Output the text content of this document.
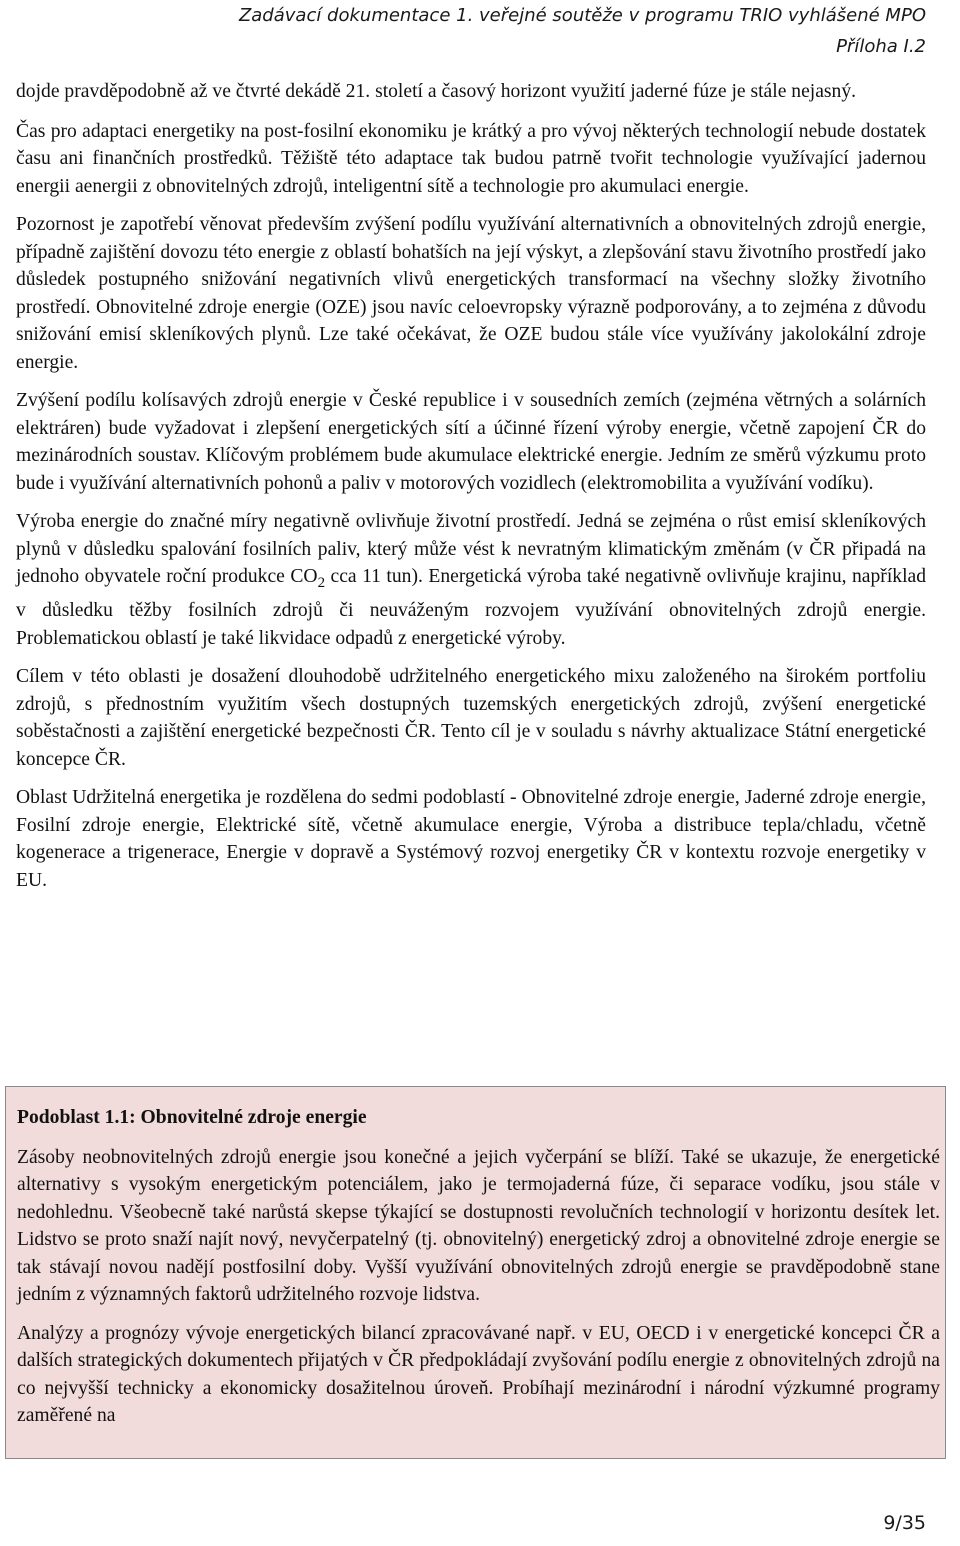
Zadávací dokumentace 1. veřejné soutěže v programu TRIO vyhlášené MPO
Příloha I.2

dojde pravděpodobně až ve čtvrté dekádě 21. století a časový horizont využití jaderné fúze je stále nejasný.

Čas pro adaptaci energetiky na post-fosilní ekonomiku je krátký a pro vývoj některých technologií nebude dostatek času ani finančních prostředků. Těžiště této adaptace tak budou patrně tvořit technologie využívající jadernou energii aenergii z obnovitelných zdrojů, inteligentní sítě a technologie pro akumulaci energie.

Pozornost je zapotřebí věnovat především zvýšení podílu využívání alternativních a obnovitelných zdrojů energie, případně zajištění dovozu této energie z oblastí bohatších na její výskyt, a zlepšování stavu životního prostředí jako důsledek postupného snižování negativních vlivů energetických transformací na všechny složky životního prostředí. Obnovitelné zdroje energie (OZE) jsou navíc celoevropsky výrazně podporovány, a to zejména z důvodu snižování emisí skleníkových plynů. Lze také očekávat, že OZE budou stále více využívány jakolokální zdroje energie.

Zvýšení podílu kolísavých zdrojů energie v České republice i v sousedních zemích (zejména větrných a solárních elektráren) bude vyžadovat i zlepšení energetických sítí a účinné řízení výroby energie, včetně zapojení ČR do mezinárodních soustav. Klíčovým problémem bude akumulace elektrické energie. Jedním ze směrů výzkumu proto bude i využívání alternativních pohonů a paliv v motorových vozidlech (elektromobilita a využívání vodíku).

Výroba energie do značné míry negativně ovlivňuje životní prostředí. Jedná se zejména o růst emisí skleníkových plynů v důsledku spalování fosilních paliv, který může vést k nevratným klimatickým změnám (v ČR připadá na jednoho obyvatele roční produkce $CO_2$ cca 11 tun). Energetická výroba také negativně ovlivňuje krajinu, například v důsledku těžby fosilních zdrojů či neuváženým rozvojem využívání obnovitelných zdrojů energie. Problematickou oblastí je také likvidace odpadů z energetické výroby.

Cílem v této oblasti je dosažení dlouhodobě udržitelného energetického mixu založeného na širokém portfoliu zdrojů, s přednostním využitím všech dostupných tuzemských energetických zdrojů, zvýšení energetické soběstačnosti a zajištění energetické bezpečnosti ČR. Tento cíl je v souladu s návrhy aktualizace Státní energetické koncepce ČR.

Oblast Udržitelná energetika je rozdělena do sedmi podoblastí - Obnovitelné zdroje energie, Jaderné zdroje energie, Fosilní zdroje energie, Elektrické sítě, včetně akumulace energie, Výroba a distribuce tepla/chladu, včetně kogenerace a trigenerace, Energie v dopravě a Systémový rozvoj energetiky ČR v kontextu rozvoje energetiky v EU.

Podoblast 1.1: Obnovitelné zdroje energie

Zásoby neobnovitelných zdrojů energie jsou konečné a jejich vyčerpání se blíží. Také se ukazuje, že energetické alternativy s vysokým energetickým potenciálem, jako je termojaderná fúze, či separace vodíku, jsou stále v nedohlednu. Všeobecně také narůstá skepse týkající se dostupnosti revolučních technologií v horizontu desítek let. Lidstvo se proto snaží najít nový, nevyčerpatelný (tj. obnovitelný) energetický zdroj a obnovitelné zdroje energie se tak stávají novou nadějí postfosilní doby. Vyšší využívání obnovitelných zdrojů energie se pravděpodobně stane jedním z významných faktorů udržitelného rozvoje lidstva.

Analýzy a prognózy vývoje energetických bilancí zpracovávané např. v EU, OECD i v energetické koncepci ČR a dalších strategických dokumentech přijatých v ČR předpokládají zvyšování podílu energie z obnovitelných zdrojů na co nejvyšší technicky a ekonomicky dosažitelnou úroveň. Probíhají mezinárodní i národní výzkumné programy zaměřené na

9/35
